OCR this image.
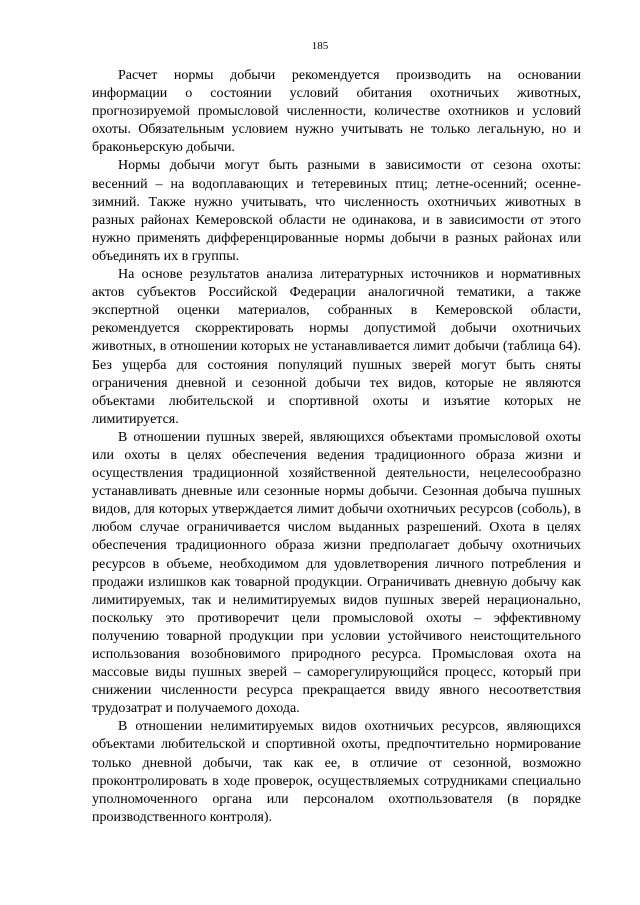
185

Расчет нормы добычи рекомендуется производить на основании информации о состоянии условий обитания охотничьих животных, прогнозируемой промысловой численности, количестве охотников и условий охоты. Обязательным условием нужно учитывать не только легальную, но и браконьерскую добычи.

Нормы добычи могут быть разными в зависимости от сезона охоты: весенний – на водоплавающих и тетеревиных птиц; летне-осенний; осенне-зимний. Также нужно учитывать, что численность охотничьих животных в разных районах Кемеровской области не одинакова, и в зависимости от этого нужно применять дифференцированные нормы добычи в разных районах или объединять их в группы.

На основе результатов анализа литературных источников и нормативных актов субъектов Российской Федерации аналогичной тематики, а также экспертной оценки материалов, собранных в Кемеровской области, рекомендуется скорректировать нормы допустимой добычи охотничьих животных, в отношении которых не устанавливается лимит добычи (таблица 64). Без ущерба для состояния популяций пушных зверей могут быть сняты ограничения дневной и сезонной добычи тех видов, которые не являются объектами любительской и спортивной охоты и изъятие которых не лимитируется.

В отношении пушных зверей, являющихся объектами промысловой охоты или охоты в целях обеспечения ведения традиционного образа жизни и осуществления традиционной хозяйственной деятельности, нецелесообразно устанавливать дневные или сезонные нормы добычи. Сезонная добыча пушных видов, для которых утверждается лимит добычи охотничьих ресурсов (соболь), в любом случае ограничивается числом выданных разрешений. Охота в целях обеспечения традиционного образа жизни предполагает добычу охотничьих ресурсов в объеме, необходимом для удовлетворения личного потребления и продажи излишков как товарной продукции. Ограничивать дневную добычу как лимитируемых, так и нелимитируемых видов пушных зверей нерационально, поскольку это противоречит цели промысловой охоты – эффективному получению товарной продукции при условии устойчивого неистощительного использования возобновимого природного ресурса. Промысловая охота на массовые виды пушных зверей – саморегулирующийся процесс, который при снижении численности ресурса прекращается ввиду явного несоответствия трудозатрат и получаемого дохода.

В отношении нелимитируемых видов охотничьих ресурсов, являющихся объектами любительской и спортивной охоты, предпочтительно нормирование только дневной добычи, так как ее, в отличие от сезонной, возможно проконтролировать в ходе проверок, осуществляемых сотрудниками специально уполномоченного органа или персоналом охотпользователя (в порядке производственного контроля).
